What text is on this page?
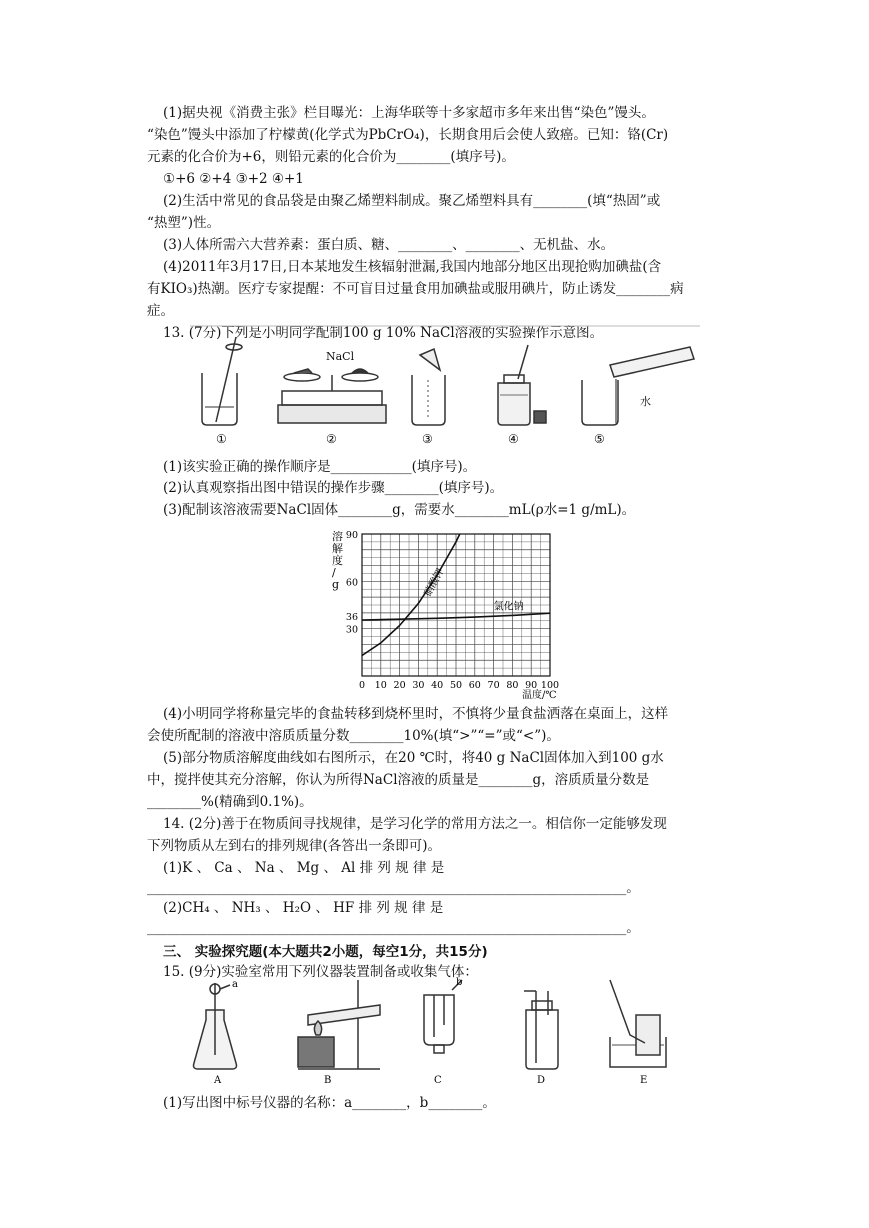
(1)据央视《消费主张》栏目曝光：上海华联等十多家超市多年来出售“染色”馒头。
“染色”馒头中添加了柠檬黄(化学式为PbCrO₄)，长期食用后会使人致癌。已知：铬(Cr)
元素的化合价为+6，则铅元素的化合价为________(填序号)。
①+6 ②+4 ③+2 ④+1
(2)生活中常见的食品袋是由聚乙烯塑料制成。聚乙烯塑料具有________(填“热固”或
“热塑”)性。
(3)人体所需六大营养素：蛋白质、糖、________、________、无机盐、水。
(4)2011年3月17日,日本某地发生核辐射泄漏,我国内地部分地区出现抢购加碘盐(含
有KIO₃)热潮。医疗专家提醒：不可盲目过量食用加碘盐或服用碘片，防止诱发________病
症。
13. (7分)下列是小明同学配制100 g 10% NaCl溶液的实验操作示意图。
NaCl
水
①	②	③	④	⑤
(1)该实验正确的操作顺序是____________(填序号)。
(2)认真观察指出图中错误的操作步骤________(填序号)。
(3)配制该溶液需要NaCl固体________g，需要水________mL(ρ水=1 g/mL)。
0 10 20 30 40 50 60 70 80 90 100
30
36
60
90
溶解度/ g
温度/℃
硝酸钾
氯化钠
(4)小明同学将称量完毕的食盐转移到烧杯里时，不慎将少量食盐洒落在桌面上，这样
会使所配制的溶液中溶质质量分数________10%(填“>”“=”或“<”)。
(5)部分物质溶解度曲线如右图所示，在20 ℃时，将40 g NaCl固体加入到100 g水
中，搅拌使其充分溶解，你认为所得NaCl溶液的质量是________g，溶质质量分数是
________%(精确到0.1%)。
14. (2分)善于在物质间寻找规律，是学习化学的常用方法之一。相信你一定能够发现
下列物质从左到右的排列规律(各答出一条即可)。
(1)K 、 Ca 、 Na 、 Mg 、 Al 排 列 规 律 是
_______________________________________________________________________。
(2)CH₄ 、 NH₃ 、 H₂O 、 HF 排 列 规 律 是
_______________________________________________________________________。
三、 实验探究题(本大题共2小题，每空1分，共15分)
15. (9分)实验室常用下列仪器装置制备或收集气体：
a	b
A	B	C	D	E
(1)写出图中标号仪器的名称：a________，b________。
